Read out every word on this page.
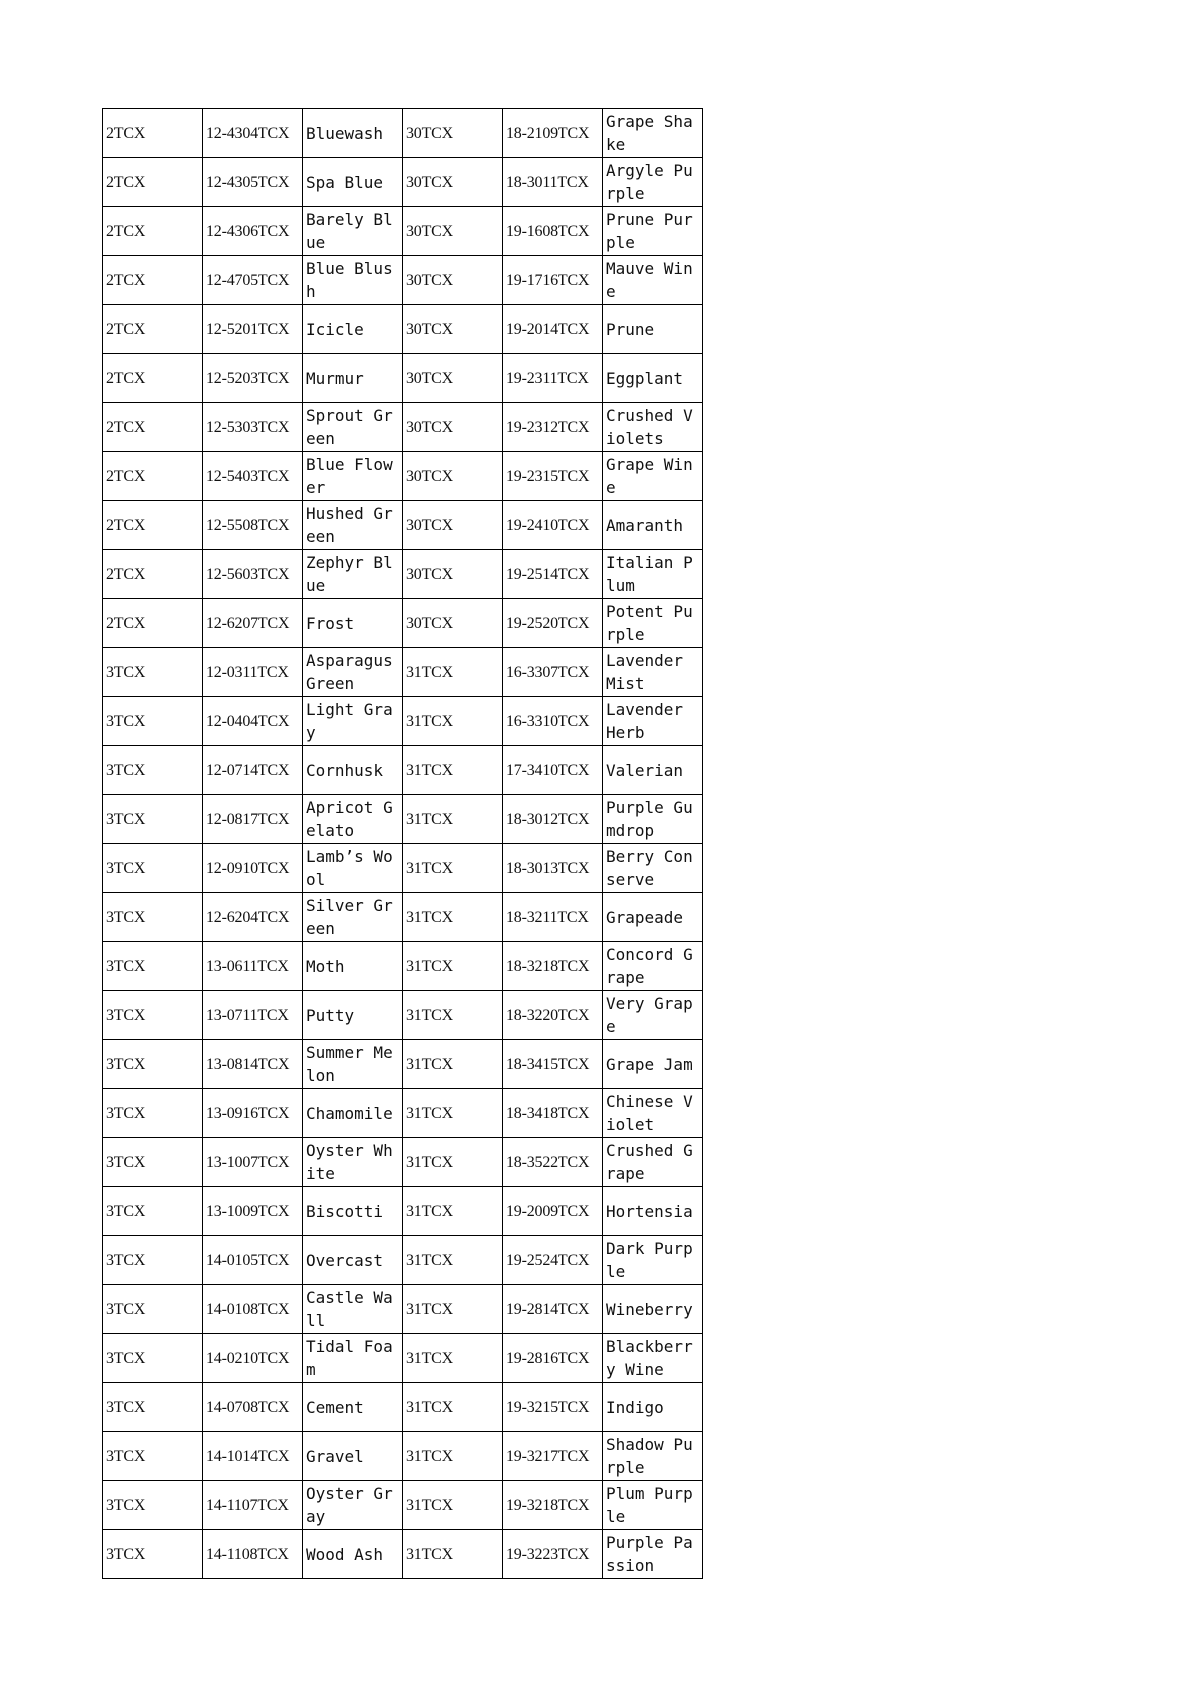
2TCX	12-4304TCX	Bluewash	30TCX	18-2109TCX	Grape Shake
2TCX	12-4305TCX	Spa Blue	30TCX	18-3011TCX	Argyle Purple
2TCX	12-4306TCX	Barely Blue	30TCX	19-1608TCX	Prune Purple
2TCX	12-4705TCX	Blue Blush	30TCX	19-1716TCX	Mauve Wine
2TCX	12-5201TCX	Icicle	30TCX	19-2014TCX	Prune
2TCX	12-5203TCX	Murmur	30TCX	19-2311TCX	Eggplant
2TCX	12-5303TCX	Sprout Green	30TCX	19-2312TCX	Crushed Violets
2TCX	12-5403TCX	Blue Flower	30TCX	19-2315TCX	Grape Wine
2TCX	12-5508TCX	Hushed Green	30TCX	19-2410TCX	Amaranth
2TCX	12-5603TCX	Zephyr Blue	30TCX	19-2514TCX	Italian Plum
2TCX	12-6207TCX	Frost	30TCX	19-2520TCX	Potent Purple
3TCX	12-0311TCX	Asparagus Green	31TCX	16-3307TCX	Lavender Mist
3TCX	12-0404TCX	Light Gray	31TCX	16-3310TCX	Lavender Herb
3TCX	12-0714TCX	Cornhusk	31TCX	17-3410TCX	Valerian
3TCX	12-0817TCX	Apricot Gelato	31TCX	18-3012TCX	Purple Gumdrop
3TCX	12-0910TCX	Lamb’s Wool	31TCX	18-3013TCX	Berry Conserve
3TCX	12-6204TCX	Silver Green	31TCX	18-3211TCX	Grapeade
3TCX	13-0611TCX	Moth	31TCX	18-3218TCX	Concord Grape
3TCX	13-0711TCX	Putty	31TCX	18-3220TCX	Very Grape
3TCX	13-0814TCX	Summer Melon	31TCX	18-3415TCX	Grape Jam
3TCX	13-0916TCX	Chamomile	31TCX	18-3418TCX	Chinese Violet
3TCX	13-1007TCX	Oyster White	31TCX	18-3522TCX	Crushed Grape
3TCX	13-1009TCX	Biscotti	31TCX	19-2009TCX	Hortensia
3TCX	14-0105TCX	Overcast	31TCX	19-2524TCX	Dark Purple
3TCX	14-0108TCX	Castle Wall	31TCX	19-2814TCX	Wineberry
3TCX	14-0210TCX	Tidal Foam	31TCX	19-2816TCX	Blackberry Wine
3TCX	14-0708TCX	Cement	31TCX	19-3215TCX	Indigo
3TCX	14-1014TCX	Gravel	31TCX	19-3217TCX	Shadow Purple
3TCX	14-1107TCX	Oyster Gray	31TCX	19-3218TCX	Plum Purple
3TCX	14-1108TCX	Wood Ash	31TCX	19-3223TCX	Purple Passion
